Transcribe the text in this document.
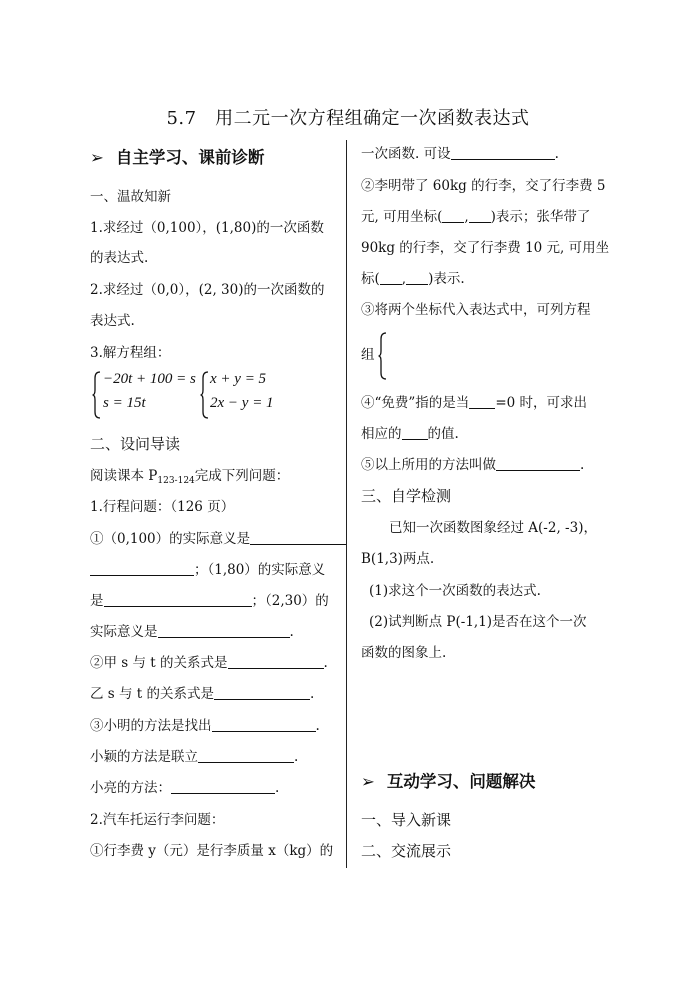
5.7　用二元一次方程组确定一次函数表达式
➢ 自主学习、课前诊断
一、温故知新
1.求经过（0,100），(1,80)的一次函数
的表达式.
2.求经过（0,0），(2, 30)的一次函数的
表达式.
3.解方程组：
−20t + 100 = s
s = 15t
x + y = 5
2x − y = 1
二、设问导读
阅读课本 $P_{123-124}$完成下列问题：
1.行程问题：（126 页）
①（0,100）的实际意义是
；（1,80）的实际意义
是	；（2,30）的
实际意义是	.
②甲 s 与 t 的关系式是	.
乙 s 与 t 的关系式是	.
③小明的方法是找出	.
小颖的方法是联立	.
小亮的方法：	.
2.汽车托运行李问题：
①行李费 y（元）是行李质量 x（kg）的
一次函数. 可设	.
②李明带了 60kg 的行李，交了行李费 5
元, 可用坐标( , )表示；张华带了
90kg 的行李，交了行李费 10 元, 可用坐
标( , )表示.
③将两个坐标代入表达式中，可列方程
组
④“免费”指的是当 =0 时，可求出
相应的 的值.
⑤以上所用的方法叫做	.
三、自学检测
已知一次函数图象经过 A(-2, -3)，
B(1,3)两点.
(1)求这个一次函数的表达式.
(2)试判断点 P(-1,1)是否在这个一次
函数的图象上.
➢ 互动学习、问题解决
一、导入新课
二、交流展示
